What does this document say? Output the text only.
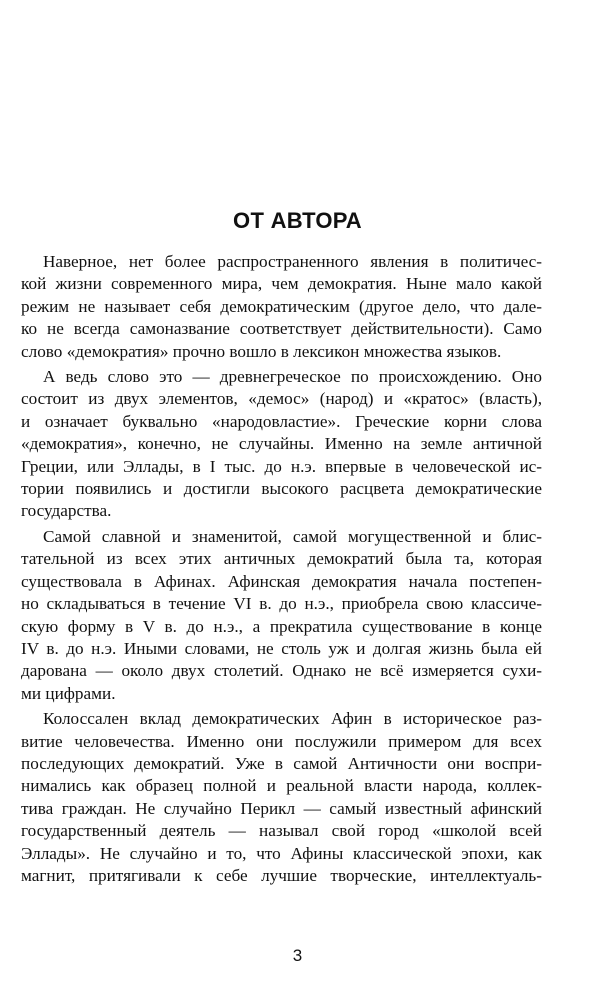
ОТ АВТОРА

Наверное, нет более распространенного явления в политичес-
кой жизни современного мира, чем демократия. Ныне мало какой
режим не называет себя демократическим (другое дело, что дале-
ко не всегда самоназвание соответствует действительности). Само
слово «демократия» прочно вошло в лексикон множества языков.

А ведь слово это — древнегреческое по происхождению. Оно
состоит из двух элементов, «демос» (народ) и «кратос» (власть),
и означает буквально «народовластие». Греческие корни слова
«демократия», конечно, не случайны. Именно на земле античной
Греции, или Эллады, в I тыс. до н.э. впервые в человеческой ис-
тории появились и достигли высокого расцвета демократические
государства.

Самой славной и знаменитой, самой могущественной и блис-
тательной из всех этих античных демократий была та, которая
существовала в Афинах. Афинская демократия начала постепен-
но складываться в течение VI в. до н.э., приобрела свою классиче-
скую форму в V в. до н.э., а прекратила существование в конце
IV в. до н.э. Иными словами, не столь уж и долгая жизнь была ей
дарована — около двух столетий. Однако не всё измеряется сухи-
ми цифрами.

Колоссален вклад демократических Афин в историческое раз-
витие человечества. Именно они послужили примером для всех
последующих демократий. Уже в самой Античности они воспри-
нимались как образец полной и реальной власти народа, коллек-
тива граждан. Не случайно Перикл — самый известный афинский
государственный деятель — называл свой город «школой всей
Эллады». Не случайно и то, что Афины классической эпохи, как
магнит, притягивали к себе лучшие творческие, интеллектуаль-

3
